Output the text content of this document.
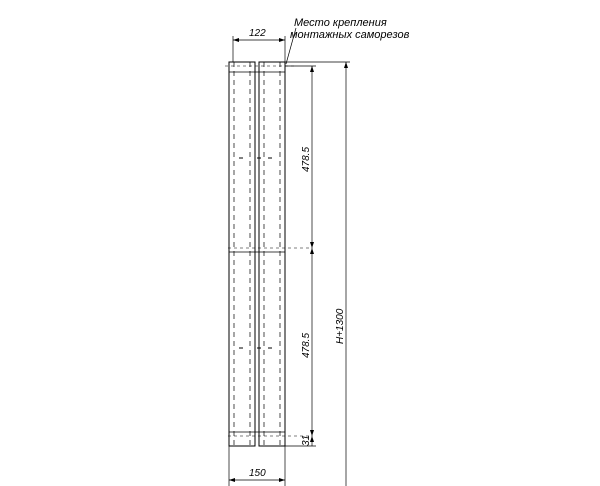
Место крепления
монтажных саморезов
122
478.5
478.5
31
H+1300
150
